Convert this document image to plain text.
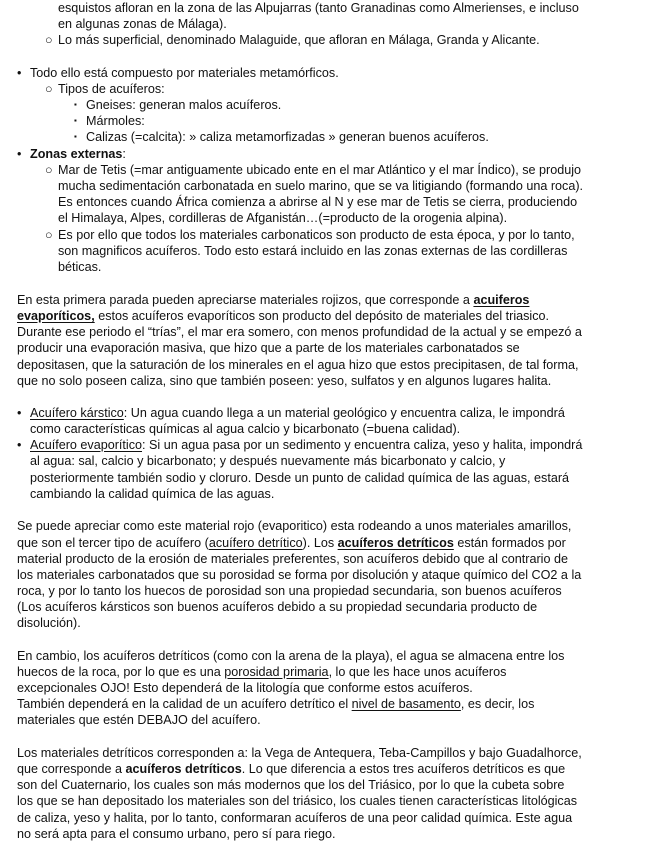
esquistos afloran en la zona de las Alpujarras (tanto Granadinas como Almerienses, e incluso
en algunas zonas de Málaga).
○ Lo más superficial, denominado Malaguide, que afloran en Málaga, Granda y Alicante.
• Todo ello está compuesto por materiales metamórficos.
○ Tipos de acuíferos:
▪ Gneises: generan malos acuíferos.
▪ Mármoles:
▪ Calizas (=calcita): » caliza metamorfizadas » generan buenos acuíferos.
• Zonas externas:
○ Mar de Tetis (=mar antiguamente ubicado ente en el mar Atlántico y el mar Índico), se produjo
mucha sedimentación carbonatada en suelo marino, que se va litigiando (formando una roca).
Es entonces cuando África comienza a abrirse al N y ese mar de Tetis se cierra, produciendo
el Himalaya, Alpes, cordilleras de Afganistán…(=producto de la orogenia alpina).
○ Es por ello que todos los materiales carbonaticos son producto de esta época, y por lo tanto,
son magnificos acuíferos. Todo esto estará incluido en las zonas externas de las cordilleras
béticas.
En esta primera parada pueden apreciarse materiales rojizos, que corresponde a acuiferos
evaporíticos, estos acuíferos evaporíticos son producto del depósito de materiales del triasico.
Durante ese periodo el “trías”, el mar era somero, con menos profundidad de la actual y se empezó a
producir una evaporación masiva, que hizo que a parte de los materiales carbonatados se
depositasen, que la saturación de los minerales en el agua hizo que estos precipitasen, de tal forma,
que no solo poseen caliza, sino que también poseen: yeso, sulfatos y en algunos lugares halita.
• Acuífero kárstico: Un agua cuando llega a un material geológico y encuentra caliza, le impondrá
como características químicas al agua calcio y bicarbonato (=buena calidad).
• Acuífero evaporítico: Si un agua pasa por un sedimento y encuentra caliza, yeso y halita, impondrá
al agua: sal, calcio y bicarbonato; y después nuevamente más bicarbonato y calcio, y
posteriormente también sodio y cloruro. Desde un punto de calidad química de las aguas, estará
cambiando la calidad química de las aguas.
Se puede apreciar como este material rojo (evaporitico) esta rodeando a unos materiales amarillos,
que son el tercer tipo de acuífero (acuífero detrítico). Los acuíferos detríticos están formados por
material producto de la erosión de materiales preferentes, son acuíferos debido que al contrario de
los materiales carbonatados que su porosidad se forma por disolución y ataque químico del CO2 a la
roca, y por lo tanto los huecos de porosidad son una propiedad secundaria, son buenos acuíferos
(Los acuíferos kársticos son buenos acuíferos debido a su propiedad secundaria producto de
disolución).
En cambio, los acuíferos detríticos (como con la arena de la playa), el agua se almacena entre los
huecos de la roca, por lo que es una porosidad primaria, lo que les hace unos acuíferos
excepcionales OJO! Esto dependerá de la litología que conforme estos acuíferos.
También dependerá en la calidad de un acuífero detrítico el nivel de basamento, es decir, los
materiales que estén DEBAJO del acuífero.
Los materiales detríticos corresponden a: la Vega de Antequera, Teba-Campillos y bajo Guadalhorce,
que corresponde a acuíferos detríticos. Lo que diferencia a estos tres acuíferos detríticos es que
son del Cuaternario, los cuales son más modernos que los del Triásico, por lo que la cubeta sobre
los que se han depositado los materiales son del triásico, los cuales tienen características litológicas
de caliza, yeso y halita, por lo tanto, conformaran acuíferos de una peor calidad química. Este agua
no será apta para el consumo urbano, pero sí para riego.
